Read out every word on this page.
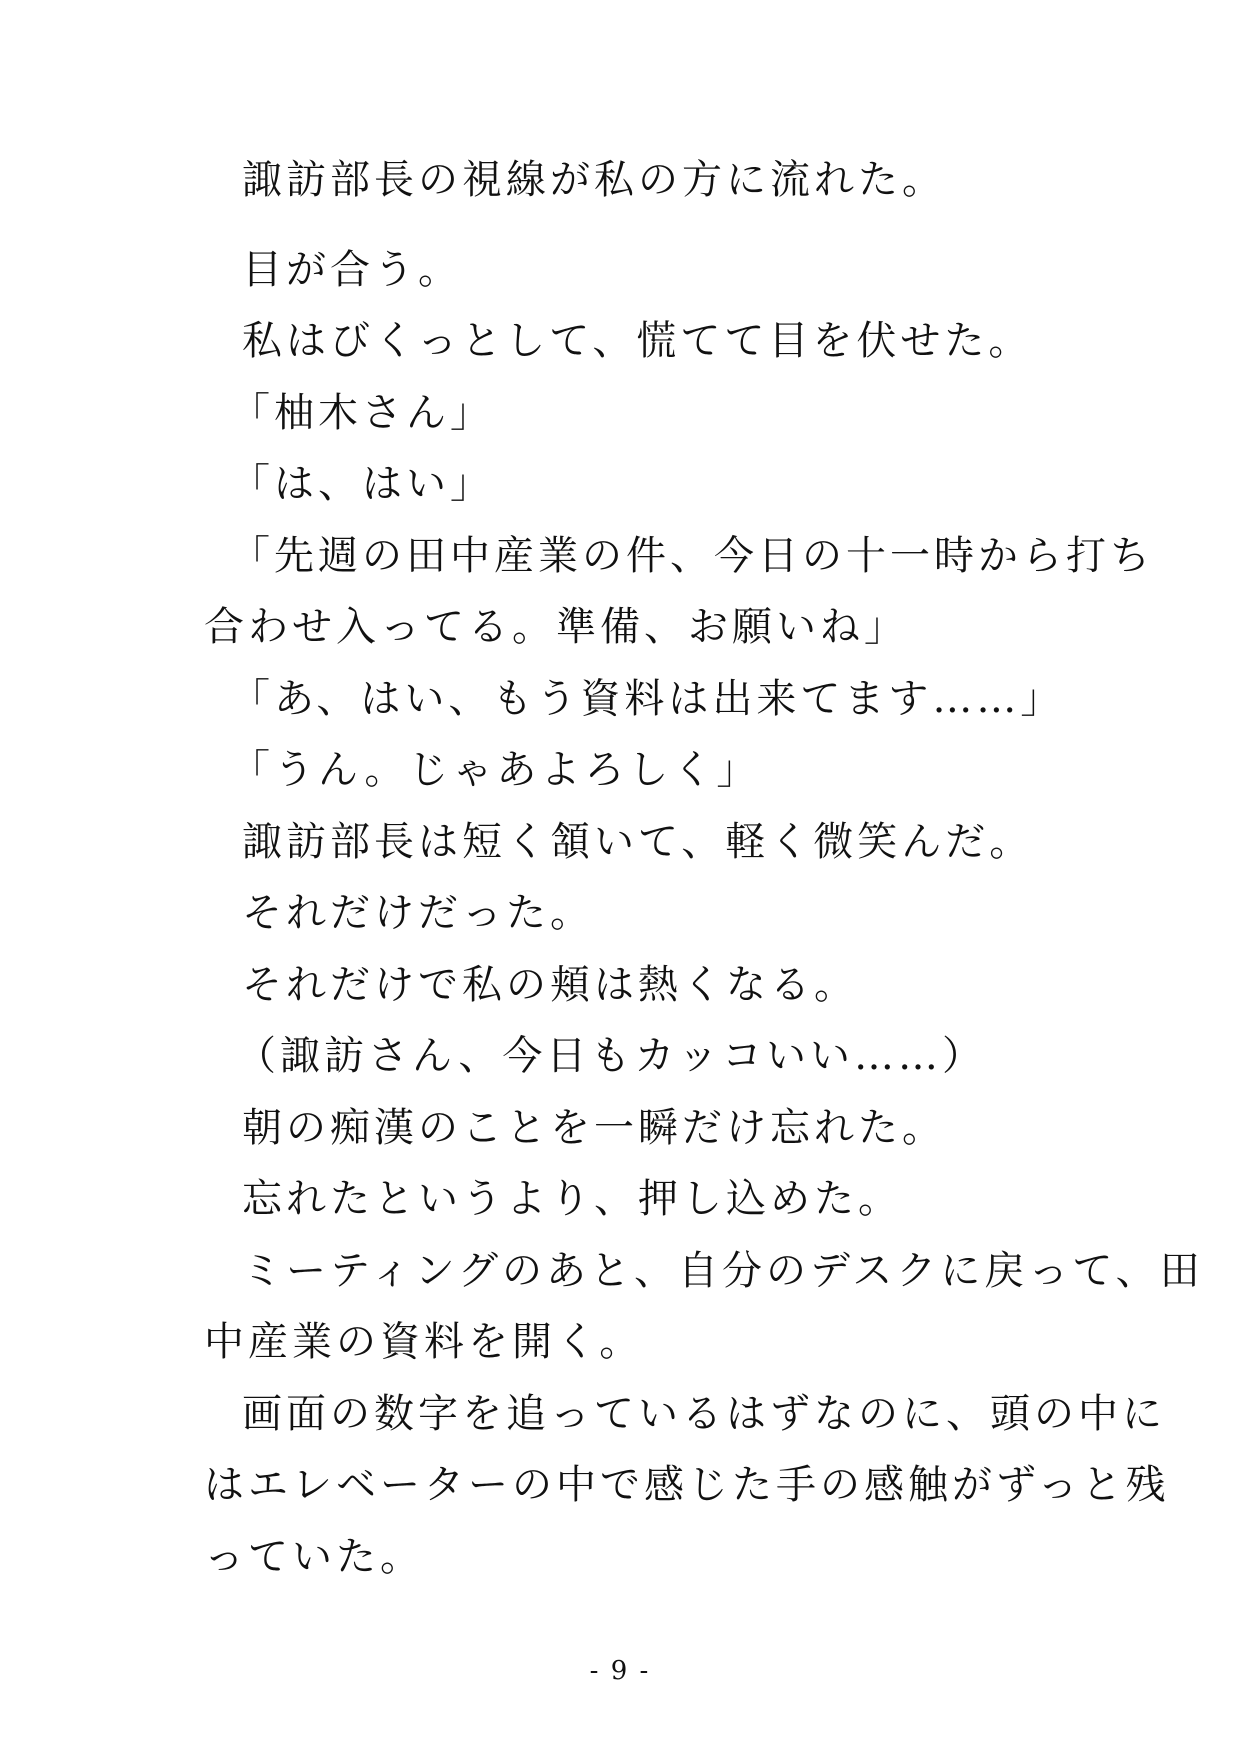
諏訪部長の視線が私の方に流れた。
目が合う。
私はびくっとして、慌てて目を伏せた。
「柚木さん」
「は、はい」
「先週の田中産業の件、今日の十一時から打ち
合わせ入ってる。準備、お願いね」
「あ、はい、もう資料は出来てます……」
「うん。じゃあよろしく」
諏訪部長は短く頷いて、軽く微笑んだ。
それだけだった。
それだけで私の頬は熱くなる。
（諏訪さん、今日もカッコいい……）
朝の痴漢のことを一瞬だけ忘れた。
忘れたというより、押し込めた。
ミーティングのあと、自分のデスクに戻って、田
中産業の資料を開く。
画面の数字を追っているはずなのに、頭の中に
はエレベーターの中で感じた手の感触がずっと残
っていた。
- 9 -
